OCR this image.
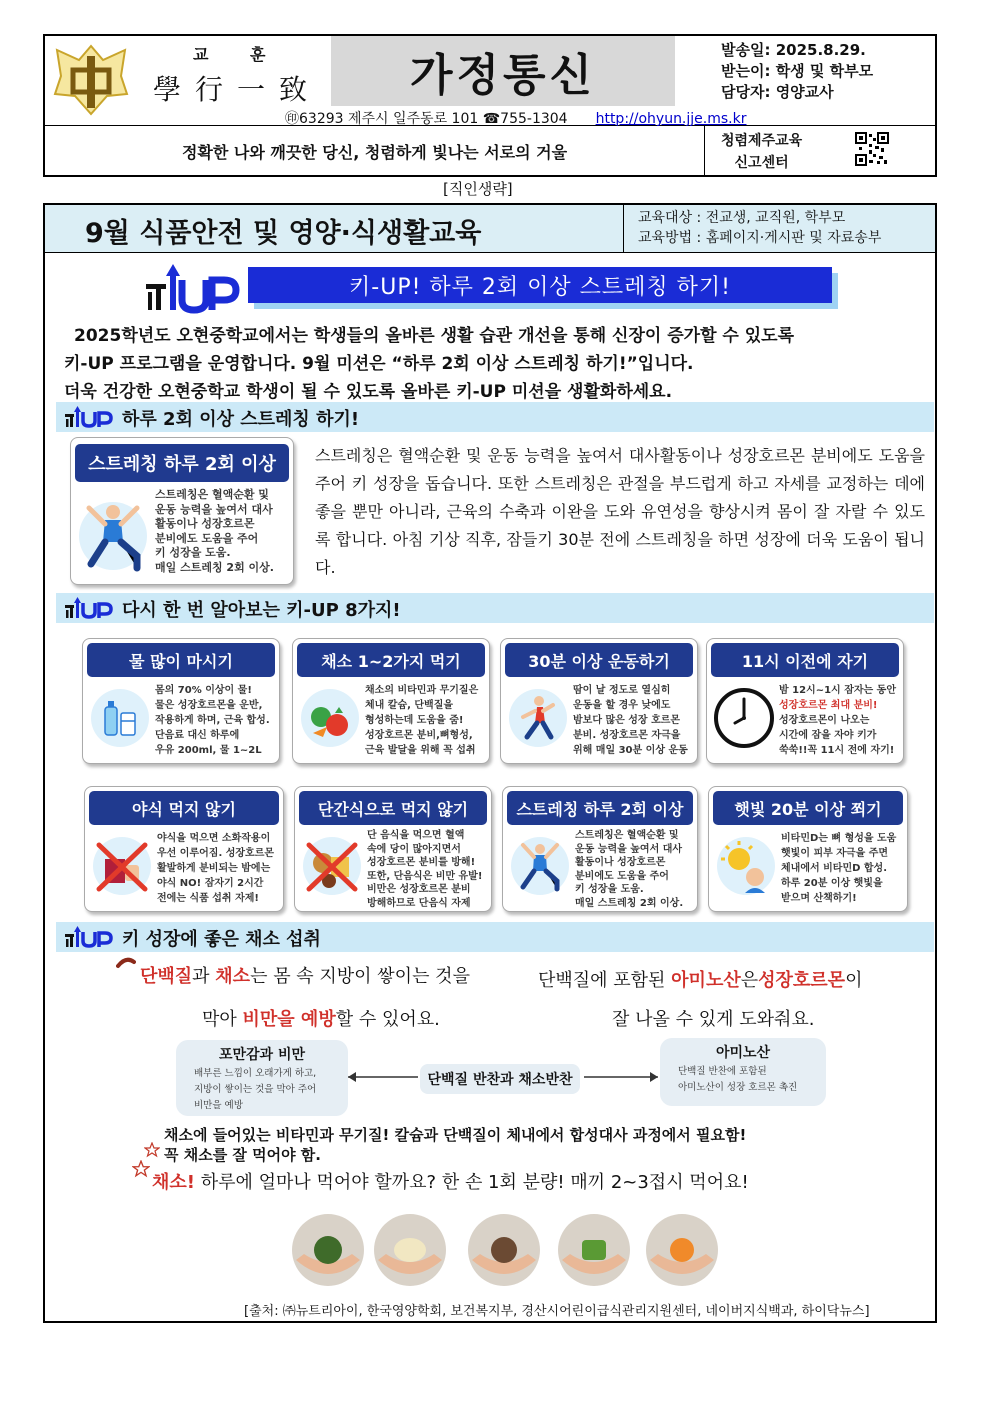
교 훈
學行一致 가정통신
㊞63293 제주시 일주동로 101 ☎755-1304 http://ohyun.jje.ms.kr
발송일: 2025.8.29.
받는이: 학생 및 학부모
담당자: 영양교사
정확한 나와 깨끗한 당신, 청렴하게 빛나는 서로의 거울
청렴제주교육
신고센터
[직인생략]
9월 식품안전 및 영양·식생활교육	교육대상 : 전교생, 교직원, 학부모
교육방법 : 홈페이지·게시판 및 자료송부
키-UP! 하루 2회 이상 스트레칭 하기!
2025학년도 오현중학교에서는 학생들의 올바른 생활 습관 개선을 통해 신장이 증가할 수 있도록
키-UP 프로그램을 운영합니다. 9월 미션은 “하루 2회 이상 스트레칭 하기!”입니다.
더욱 건강한 오현중학교 학생이 될 수 있도록 올바른 키-UP 미션을 생활화하세요.
하루 2회 이상 스트레칭 하기!
스트레칭 하루 2회 이상
스트레칭은 혈액순환 및
운동 능력을 높여서 대사
활동이나 성장호르몬
분비에도 도움을 주어
키 성장을 도움.
매일 스트레칭 2회 이상.
스트레칭은 혈액순환 및 운동 능력을 높여서 대사활동이나 성장호르몬 분비에도 도움을 주어 키 성장을 돕습니다. 또한 스트레칭은 관절을 부드럽게 하고 자세를 교정하는 데에 좋을 뿐만 아니라, 근육의 수축과 이완을 도와 유연성을 향상시켜 몸이 잘 자랄 수 있도록 합니다. 아침 기상 직후, 잠들기 30분 전에 스트레칭을 하면 성장에 더욱 도움이 됩니다.
다시 한 번 알아보는 키-UP 8가지!
물 많이 마시기
몸의 70% 이상이 물!
물은 성장호르몬을 운반,
작용하게 하며, 근육 합성.
단음료 대신 하루에
우유 200ml, 물 1~2L
채소 1~2가지 먹기
채소의 비타민과 무기질은
체내 칼슘, 단백질을
형성하는데 도움을 줌!
성장호르몬 분비,뼈형성,
근육 발달을 위해 꼭 섭취
30분 이상 운동하기
땀이 날 정도로 열심히
운동을 할 경우 낮에도
밤보다 많은 성장 호르몬
분비. 성장호르몬 자극을
위해 매일 30분 이상 운동
11시 이전에 자기
밤 12시~1시 잠자는 동안
성장호르몬 최대 분비!
성장호르몬이 나오는
시간에 잠을 자야 키가
쑥쑥!!꼭 11시 전에 자기!
야식 먹지 않기
야식을 먹으면 소화작용이
우선 이루어짐. 성장호르몬
활발하게 분비되는 밤에는
야식 NO! 잠자기 2시간
전에는 식품 섭취 자제!
단간식으로 먹지 않기
단 음식을 먹으면 혈액
속에 당이 많아지면서
성장호르몬 분비를 방해!
또한, 단음식은 비만 유발!
비만은 성장호르몬 분비
방해하므로 단음식 자제
스트레칭 하루 2회 이상
스트레칭은 혈액순환 및
운동 능력을 높여서 대사
활동이나 성장호르몬
분비에도 도움을 주어
키 성장을 도움.
매일 스트레칭 2회 이상.
햇빛 20분 이상 쬐기
비타민D는 뼈 형성을 도움
햇빛이 피부 자극을 주면
체내에서 비타민D 합성.
하루 20분 이상 햇빛을
받으며 산책하기!
키 성장에 좋은 채소 섭취
단백질과 채소는 몸 속 지방이 쌓이는 것을
막아 비만을 예방할 수 있어요.
단백질에 포함된 아미노산은성장호르몬이
잘 나올 수 있게 도와줘요.
포만감과 비만
배부른 느낌이 오래가게 하고,
지방이 쌓이는 것을 막아 주어
비만을 예방
단백질 반찬과 채소반찬
아미노산
단백질 반찬에 포함된
아미노산이 성장 호르몬 촉진
채소에 들어있는 비타민과 무기질! 칼슘과 단백질이 체내에서 합성대사 과정에서 필요함!
꼭 채소를 잘 먹어야 함.
채소! 하루에 얼마나 먹어야 할까요? 한 손 1회 분량! 매끼 2~3접시 먹어요!
[출처: ㈜뉴트리아이, 한국영양학회, 보건복지부, 경산시어린이급식관리지원센터, 네이버지식백과, 하이닥뉴스]
